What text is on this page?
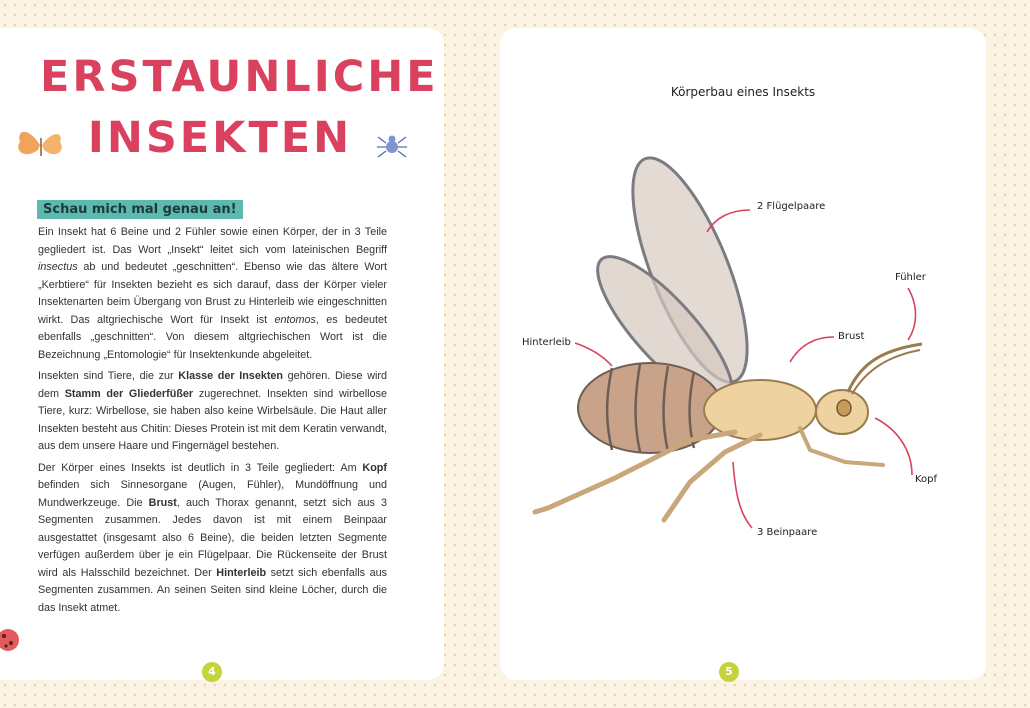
ERSTAUNLICHE
INSEKTEN
Schau mich mal genau an!

Ein Insekt hat 6 Beine und 2 Fühler sowie einen Körper, der in 3 Teile gegliedert ist. Das Wort „Insekt“ leitet sich vom lateinischen Begriff insectus ab und bedeutet „geschnitten“. Ebenso wie das ältere Wort „Kerbtiere“ für Insekten bezieht es sich darauf, dass der Körper vieler Insektenarten beim Übergang von Brust zu Hinterleib wie eingeschnitten wirkt. Das altgriechische Wort für Insekt ist entomos, es bedeutet ebenfalls „geschnitten“. Von diesem altgriechischen Wort ist die Bezeichnung „Entomologie“ für Insektenkunde abgeleitet.

Insekten sind Tiere, die zur Klasse der Insekten gehören. Diese wird dem Stamm der Gliederfüßer zugerechnet. Insekten sind wirbellose Tiere, kurz: Wirbellose, sie haben also keine Wirbelsäule. Die Haut aller Insekten besteht aus Chitin: Dieses Protein ist mit dem Keratin verwandt, aus dem unsere Haare und Fingernägel bestehen.

Der Körper eines Insekts ist deutlich in 3 Teile gegliedert: Am Kopf befinden sich Sinnesorgane (Augen, Fühler), Mundöffnung und Mundwerkzeuge. Die Brust, auch Thorax genannt, setzt sich aus 3 Segmenten zusammen. Jedes davon ist mit einem Beinpaar ausgestattet (insgesamt also 6 Beine), die beiden letzten Segmente verfügen außerdem über je ein Flügelpaar. Die Rückenseite der Brust wird als Halsschild bezeichnet. Der Hinterleib setzt sich ebenfalls aus Segmenten zusammen. An seinen Seiten sind kleine Löcher, durch die das Insekt atmet.

4	5
Körperbau eines Insekts
2 Flügelpaare
Fühler
Brust
Hinterleib
Kopf
3 Beinpaare
